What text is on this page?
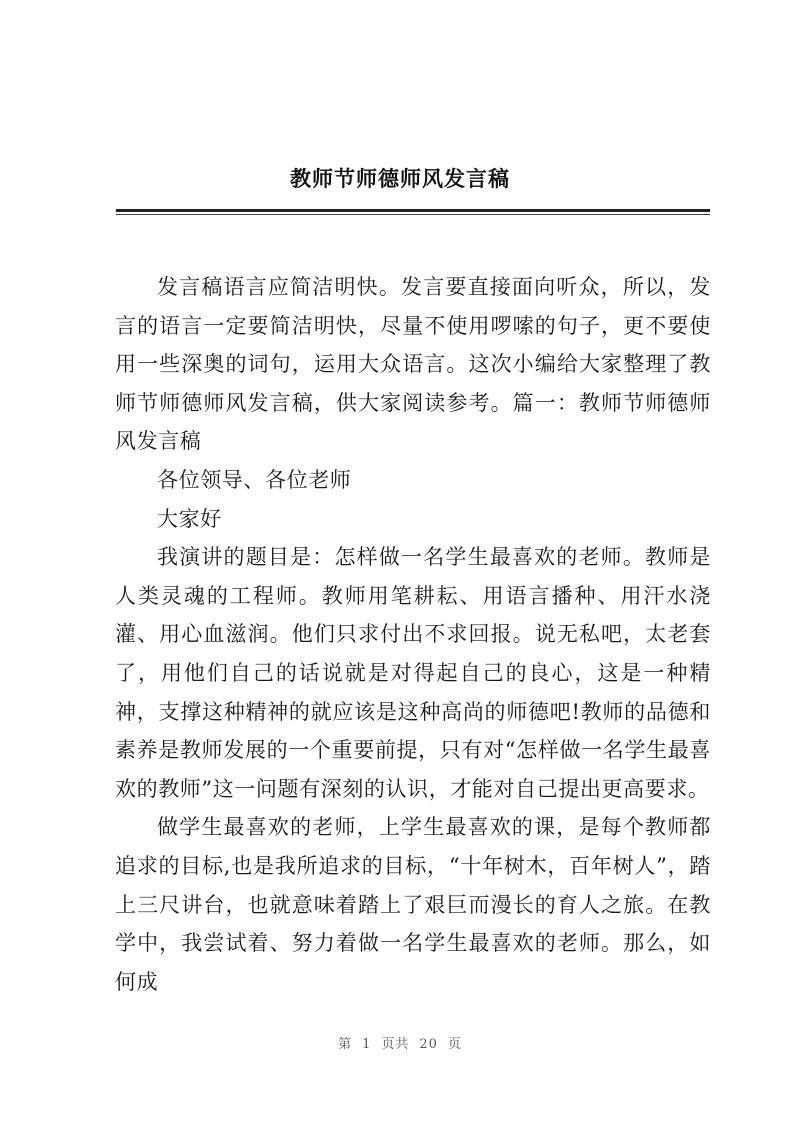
教师节师德师风发言稿

发言稿语言应简洁明快。发言要直接面向听众，所以，发言的语言一定要简洁明快，尽量不使用啰嗦的句子，更不要使用一些深奥的词句，运用大众语言。这次小编给大家整理了教师节师德师风发言稿，供大家阅读参考。篇一：教师节师德师风发言稿

各位领导、各位老师

大家好

我演讲的题目是：怎样做一名学生最喜欢的老师。教师是人类灵魂的工程师。教师用笔耕耘、用语言播种、用汗水浇灌、用心血滋润。他们只求付出不求回报。说无私吧，太老套了，用他们自己的话说就是对得起自己的良心，这是一种精神，支撑这种精神的就应该是这种高尚的师德吧!教师的品德和素养是教师发展的一个重要前提，只有对“怎样做一名学生最喜欢的教师”这一问题有深刻的认识，才能对自己提出更高要求。

做学生最喜欢的老师，上学生最喜欢的课，是每个教师都追求的目标,也是我所追求的目标，“十年树木，百年树人”，踏上三尺讲台，也就意味着踏上了艰巨而漫长的育人之旅。在教学中，我尝试着、努力着做一名学生最喜欢的老师。那么，如何成

第 1 页共 20 页
